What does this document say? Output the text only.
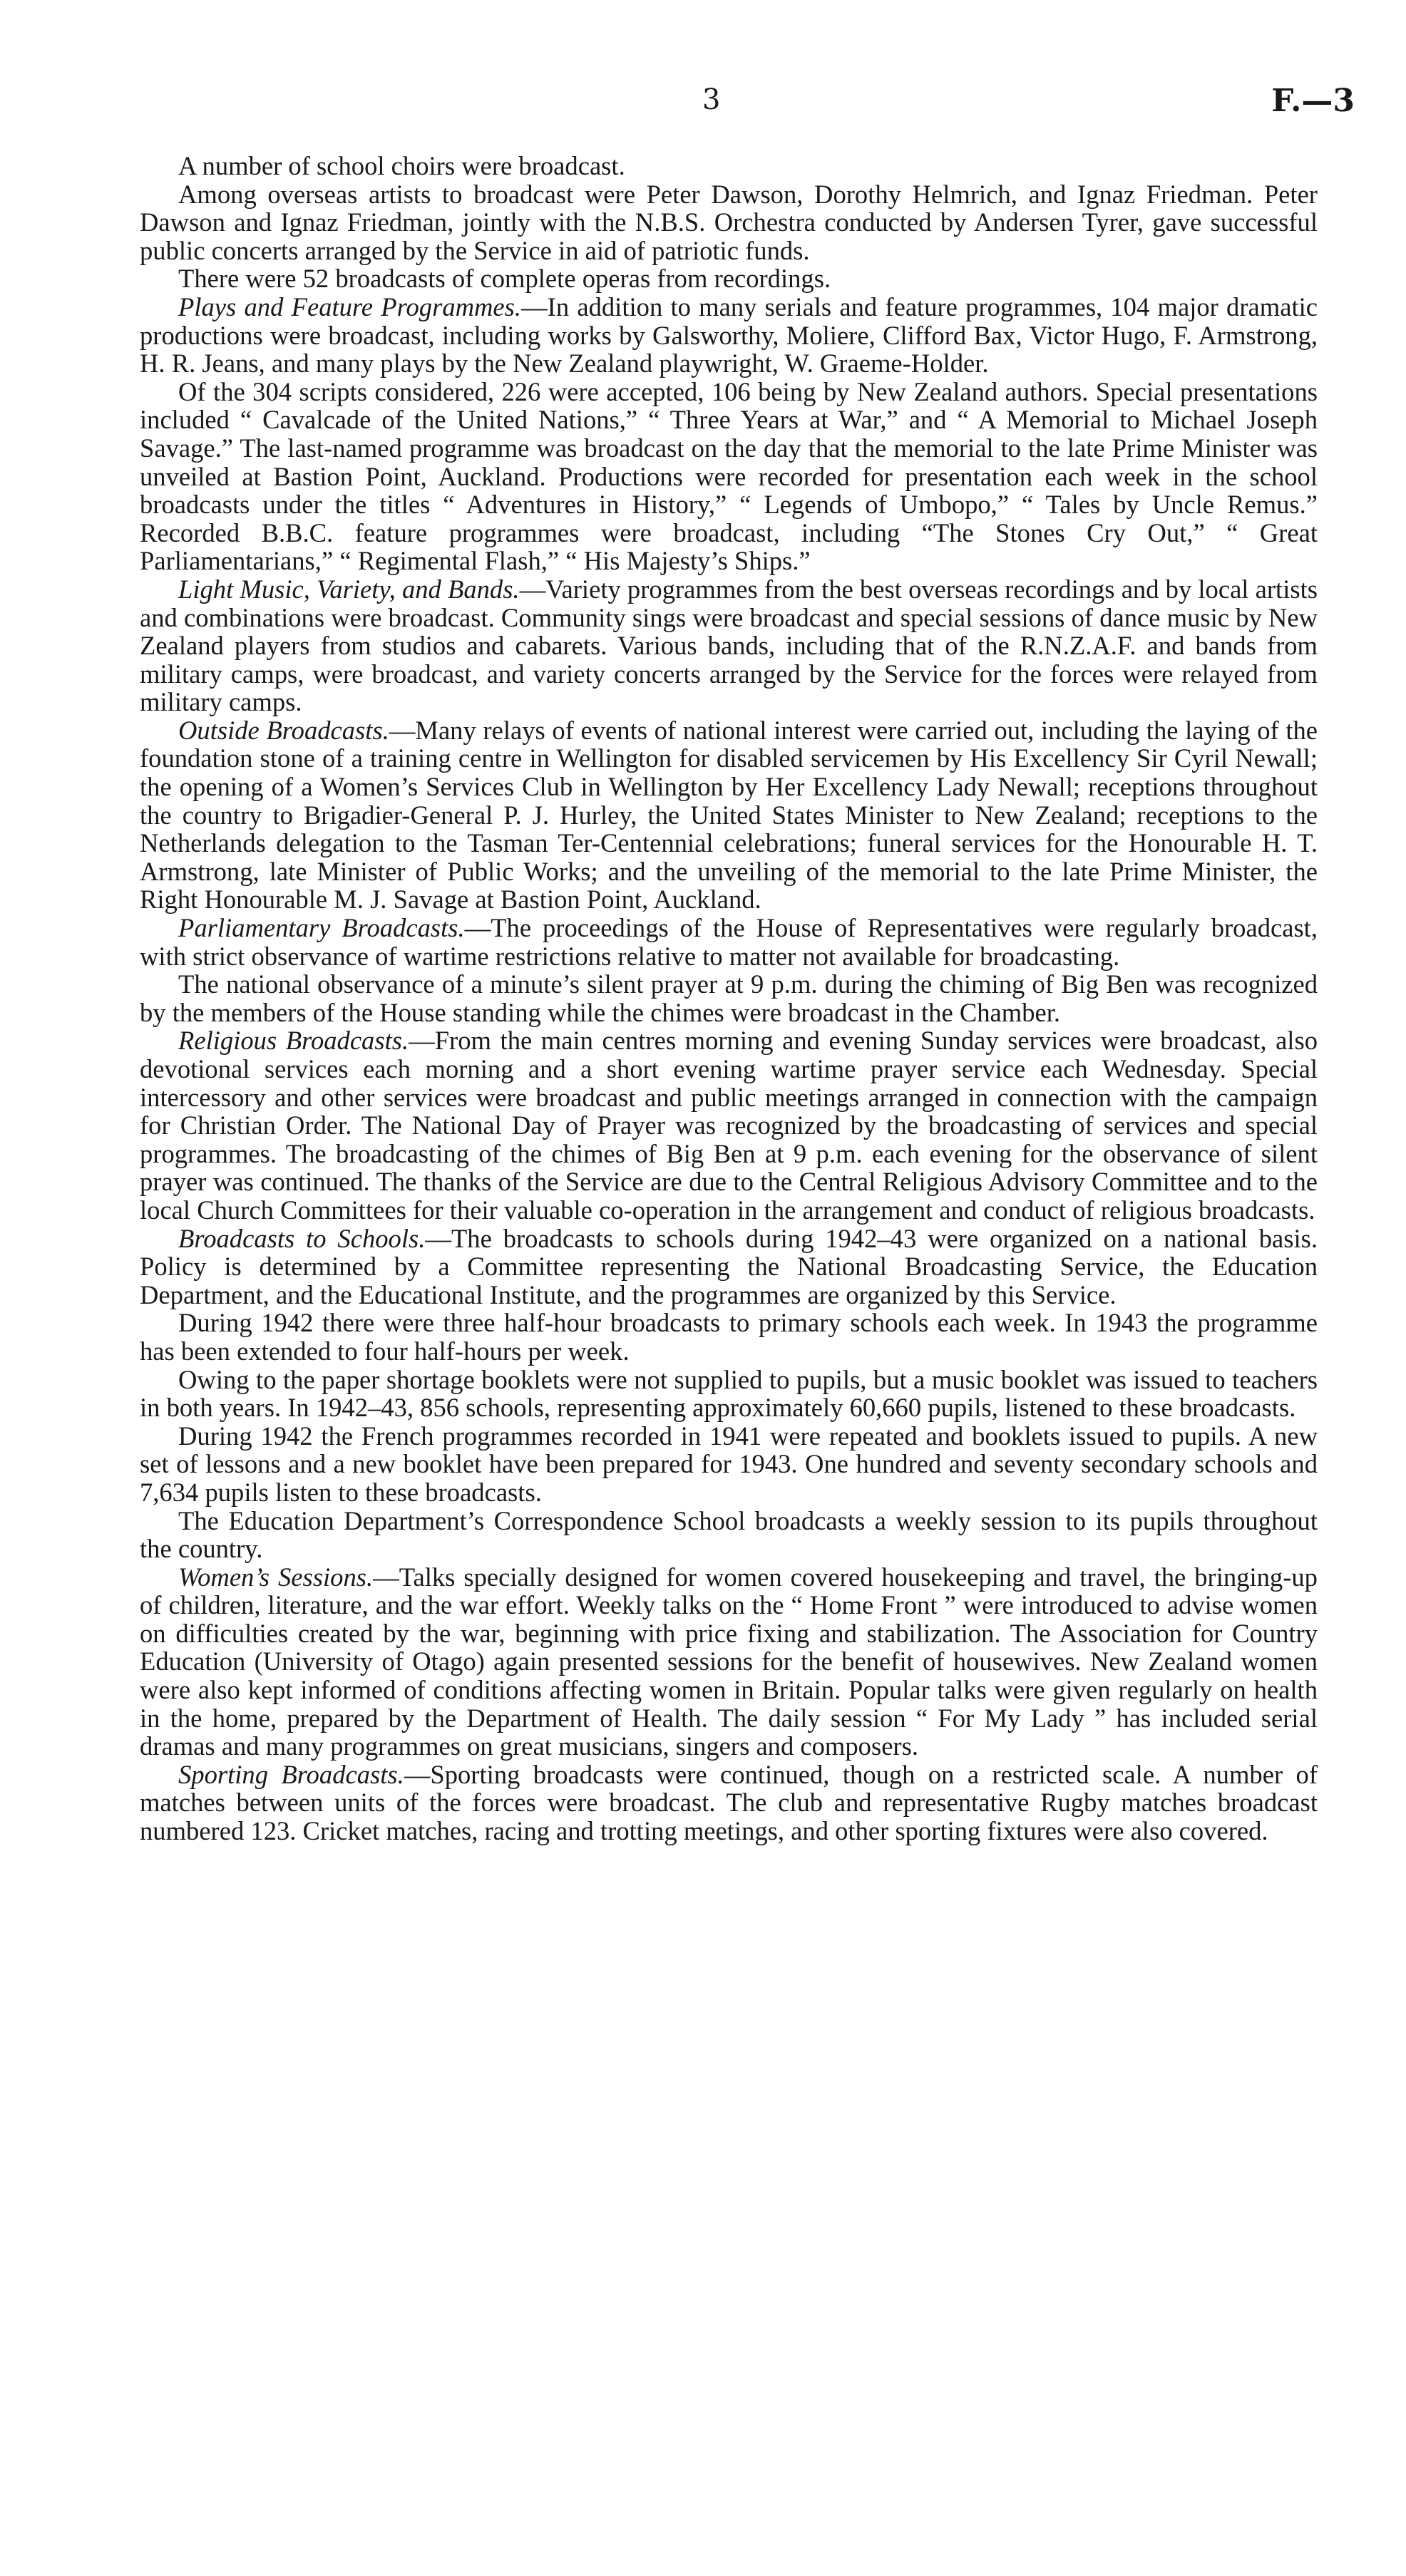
3	F.—3

A number of school choirs were broadcast.

Among overseas artists to broadcast were Peter Dawson, Dorothy Helmrich, and Ignaz Friedman. Peter Dawson and Ignaz Friedman, jointly with the N.B.S. Orchestra conducted by Andersen Tyrer, gave successful public concerts arranged by the Service in aid of patriotic funds.

There were 52 broadcasts of complete operas from recordings.

Plays and Feature Programmes.—In addition to many serials and feature programmes, 104 major dramatic productions were broadcast, including works by Galsworthy, Moliere, Clifford Bax, Victor Hugo, F. Armstrong, H. R. Jeans, and many plays by the New Zealand playwright, W. Graeme-Holder.

Of the 304 scripts considered, 226 were accepted, 106 being by New Zealand authors. Special presentations included “ Cavalcade of the United Nations,” “ Three Years at War,” and “ A Memorial to Michael Joseph Savage.” The last-named programme was broadcast on the day that the memorial to the late Prime Minister was unveiled at Bastion Point, Auckland. Productions were recorded for presentation each week in the school broadcasts under the titles “ Adventures in History,” “ Legends of Umbopo,” “ Tales by Uncle Remus.” Recorded B.B.C. feature programmes were broadcast, including “The Stones Cry Out,” “ Great Parliamentarians,” “ Regimental Flash,” “ His Majesty’s Ships.”

Light Music, Variety, and Bands.—Variety programmes from the best overseas recordings and by local artists and combinations were broadcast. Community sings were broadcast and special sessions of dance music by New Zealand players from studios and cabarets. Various bands, including that of the R.N.Z.A.F. and bands from military camps, were broadcast, and variety concerts arranged by the Service for the forces were relayed from military camps.

Outside Broadcasts.—Many relays of events of national interest were carried out, including the laying of the foundation stone of a training centre in Wellington for disabled servicemen by His Excellency Sir Cyril Newall; the opening of a Women’s Services Club in Wellington by Her Excellency Lady Newall; receptions throughout the country to Brigadier-General P. J. Hurley, the United States Minister to New Zealand; receptions to the Netherlands delegation to the Tasman Ter-Centennial celebrations; funeral services for the Honourable H. T. Armstrong, late Minister of Public Works; and the unveiling of the memorial to the late Prime Minister, the Right Honourable M. J. Savage at Bastion Point, Auckland.

Parliamentary Broadcasts.—The proceedings of the House of Representatives were regularly broadcast, with strict observance of wartime restrictions relative to matter not available for broadcasting.

The national observance of a minute’s silent prayer at 9 p.m. during the chiming of Big Ben was recognized by the members of the House standing while the chimes were broadcast in the Chamber.

Religious Broadcasts.—From the main centres morning and evening Sunday services were broadcast, also devotional services each morning and a short evening wartime prayer service each Wednesday. Special intercessory and other services were broadcast and public meetings arranged in connection with the campaign for Christian Order. The National Day of Prayer was recognized by the broadcasting of services and special programmes. The broadcasting of the chimes of Big Ben at 9 p.m. each evening for the observance of silent prayer was continued. The thanks of the Service are due to the Central Religious Advisory Committee and to the local Church Committees for their valuable co-operation in the arrangement and conduct of religious broadcasts.

Broadcasts to Schools.—The broadcasts to schools during 1942–43 were organized on a national basis. Policy is determined by a Committee representing the National Broadcasting Service, the Education Department, and the Educational Institute, and the programmes are organized by this Service.

During 1942 there were three half-hour broadcasts to primary schools each week. In 1943 the programme has been extended to four half-hours per week.

Owing to the paper shortage booklets were not supplied to pupils, but a music booklet was issued to teachers in both years. In 1942–43, 856 schools, representing approximately 60,660 pupils, listened to these broadcasts.

During 1942 the French programmes recorded in 1941 were repeated and booklets issued to pupils. A new set of lessons and a new booklet have been prepared for 1943. One hundred and seventy secondary schools and 7,634 pupils listen to these broadcasts.

The Education Department’s Correspondence School broadcasts a weekly session to its pupils throughout the country.

Women’s Sessions.—Talks specially designed for women covered housekeeping and travel, the bringing-up of children, literature, and the war effort. Weekly talks on the “ Home Front ” were introduced to advise women on difficulties created by the war, beginning with price fixing and stabilization. The Association for Country Education (University of Otago) again presented sessions for the benefit of housewives. New Zealand women were also kept informed of conditions affecting women in Britain. Popular talks were given regularly on health in the home, prepared by the Department of Health. The daily session “ For My Lady ” has included serial dramas and many programmes on great musicians, singers and composers.

Sporting Broadcasts.—Sporting broadcasts were continued, though on a restricted scale. A number of matches between units of the forces were broadcast. The club and representative Rugby matches broadcast numbered 123. Cricket matches, racing and trotting meetings, and other sporting fixtures were also covered.
